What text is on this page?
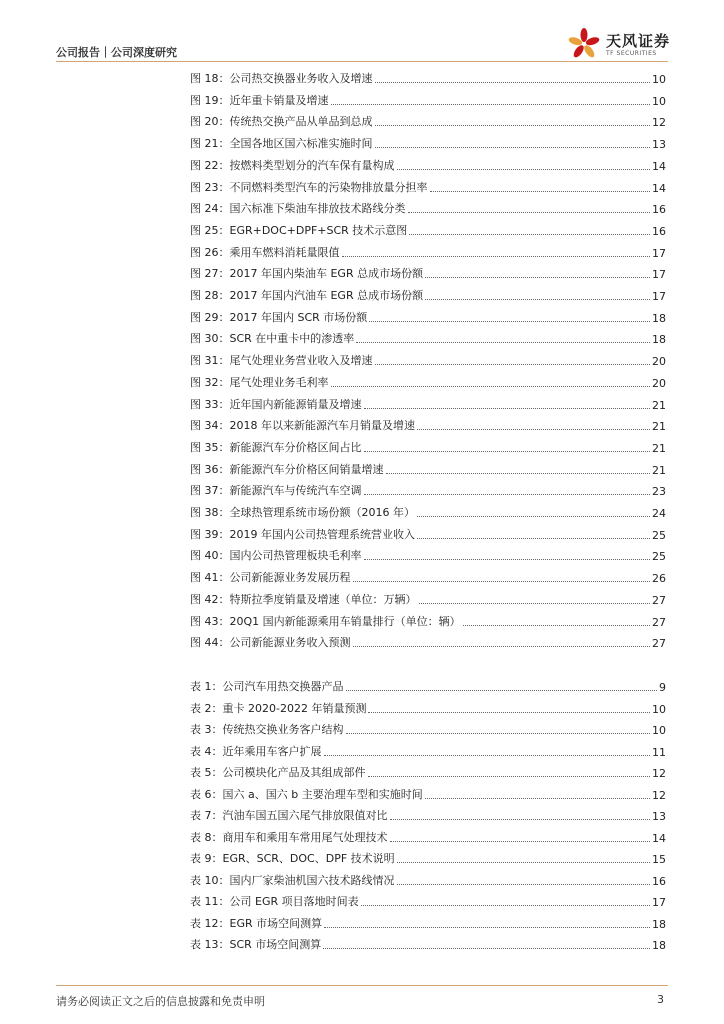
公司报告｜公司深度研究
天风证券
TF SECURITIES
图 18：公司热交换器业务收入及增速	10
图 19：近年重卡销量及增速	10
图 20：传统热交换产品从单品到总成	12
图 21：全国各地区国六标准实施时间	13
图 22：按燃料类型划分的汽车保有量构成	14
图 23：不同燃料类型汽车的污染物排放量分担率	14
图 24：国六标准下柴油车排放技术路线分类	16
图 25：EGR+DOC+DPF+SCR 技术示意图	16
图 26：乘用车燃料消耗量限值	17
图 27：2017 年国内柴油车 EGR 总成市场份额	17
图 28：2017 年国内汽油车 EGR 总成市场份额	17
图 29：2017 年国内 SCR 市场份额	18
图 30：SCR 在中重卡中的渗透率	18
图 31：尾气处理业务营业收入及增速	20
图 32：尾气处理业务毛利率	20
图 33：近年国内新能源销量及增速	21
图 34：2018 年以来新能源汽车月销量及增速	21
图 35：新能源汽车分价格区间占比	21
图 36：新能源汽车分价格区间销量增速	21
图 37：新能源汽车与传统汽车空调	23
图 38：全球热管理系统市场份额（2016 年）	24
图 39：2019 年国内公司热管理系统营业收入	25
图 40：国内公司热管理板块毛利率	25
图 41：公司新能源业务发展历程	26
图 42：特斯拉季度销量及增速（单位：万辆）	27
图 43：20Q1 国内新能源乘用车销量排行（单位：辆）	27
图 44：公司新能源业务收入预测	27
表 1：公司汽车用热交换器产品	9
表 2：重卡 2020-2022 年销量预测	10
表 3：传统热交换业务客户结构	10
表 4：近年乘用车客户扩展	11
表 5：公司模块化产品及其组成部件	12
表 6：国六 a、国六 b 主要治理车型和实施时间	12
表 7：汽油车国五国六尾气排放限值对比	13
表 8：商用车和乘用车常用尾气处理技术	14
表 9：EGR、SCR、DOC、DPF 技术说明	15
表 10：国内厂家柴油机国六技术路线情况	16
表 11：公司 EGR 项目落地时间表	17
表 12：EGR 市场空间测算	18
表 13：SCR 市场空间测算	18
请务必阅读正文之后的信息披露和免责申明	3
